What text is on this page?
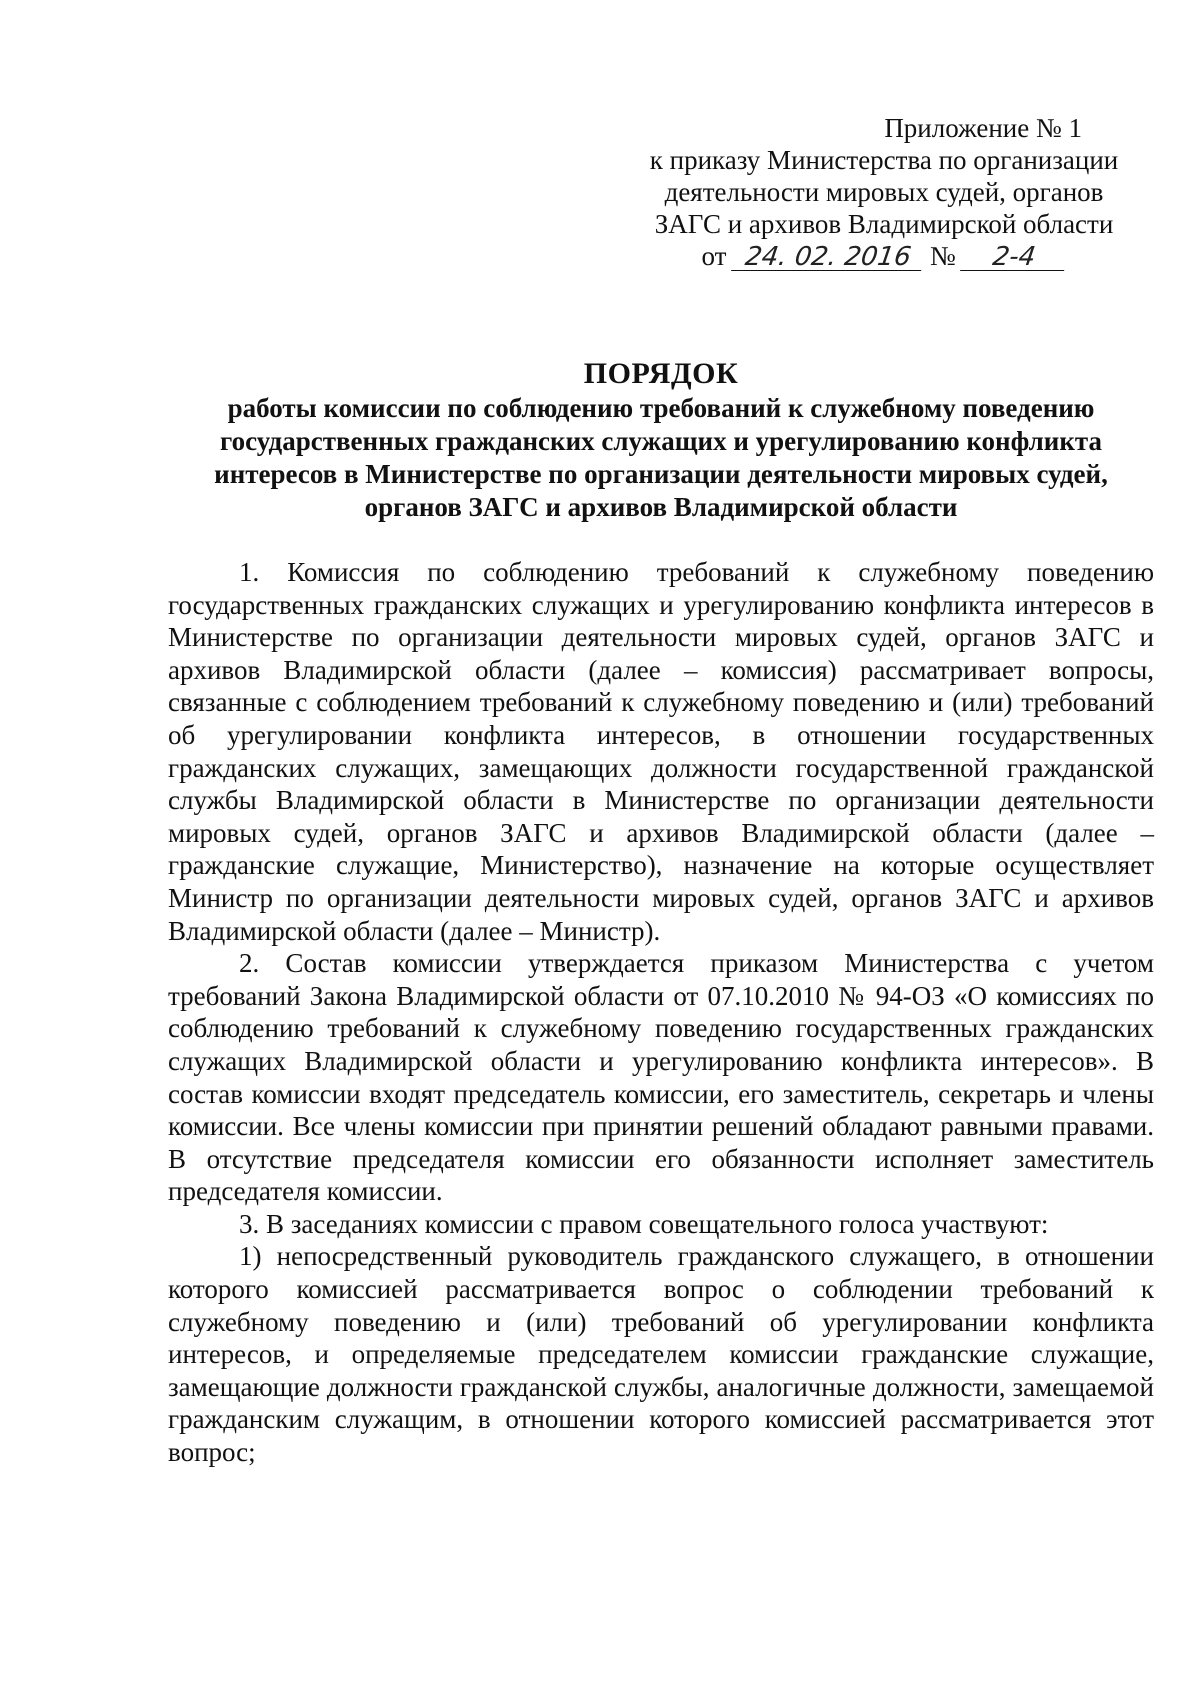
Приложение № 1
к приказу Министерства по организации
деятельности мировых судей, органов
ЗАГС и архивов Владимирской области
от 24. 02. 2016 № 2-4
ПОРЯДОК
работы комиссии по соблюдению требований к служебному поведению государственных гражданских служащих и урегулированию конфликта интересов в Министерстве по организации деятельности мировых судей, органов ЗАГС и архивов Владимирской области

1. Комиссия по соблюдению требований к служебному поведению государственных гражданских служащих и урегулированию конфликта интересов в Министерстве по организации деятельности мировых судей, органов ЗАГС и архивов Владимирской области (далее – комиссия) рассматривает вопросы, связанные с соблюдением требований к служебному поведению и (или) требований об урегулировании конфликта интересов, в отношении государственных гражданских служащих, замещающих должности государственной гражданской службы Владимирской области в Министерстве по организации деятельности мировых судей, органов ЗАГС и архивов Владимирской области (далее – гражданские служащие, Министерство), назначение на которые осуществляет Министр по организации деятельности мировых судей, органов ЗАГС и архивов Владимирской области (далее – Министр).

2. Состав комиссии утверждается приказом Министерства с учетом требований Закона Владимирской области от 07.10.2010 № 94-ОЗ «О комиссиях по соблюдению требований к служебному поведению государственных гражданских служащих Владимирской области и урегулированию конфликта интересов». В состав комиссии входят председатель комиссии, его заместитель, секретарь и члены комиссии. Все члены комиссии при принятии решений обладают равными правами. В отсутствие председателя комиссии его обязанности исполняет заместитель председателя комиссии.

3. В заседаниях комиссии с правом совещательного голоса участвуют:

1) непосредственный руководитель гражданского служащего, в отношении которого комиссией рассматривается вопрос о соблюдении требований к служебному поведению и (или) требований об урегулировании конфликта интересов, и определяемые председателем комиссии гражданские служащие, замещающие должности гражданской службы, аналогичные должности, замещаемой гражданским служащим, в отношении которого комиссией рассматривается этот вопрос;
